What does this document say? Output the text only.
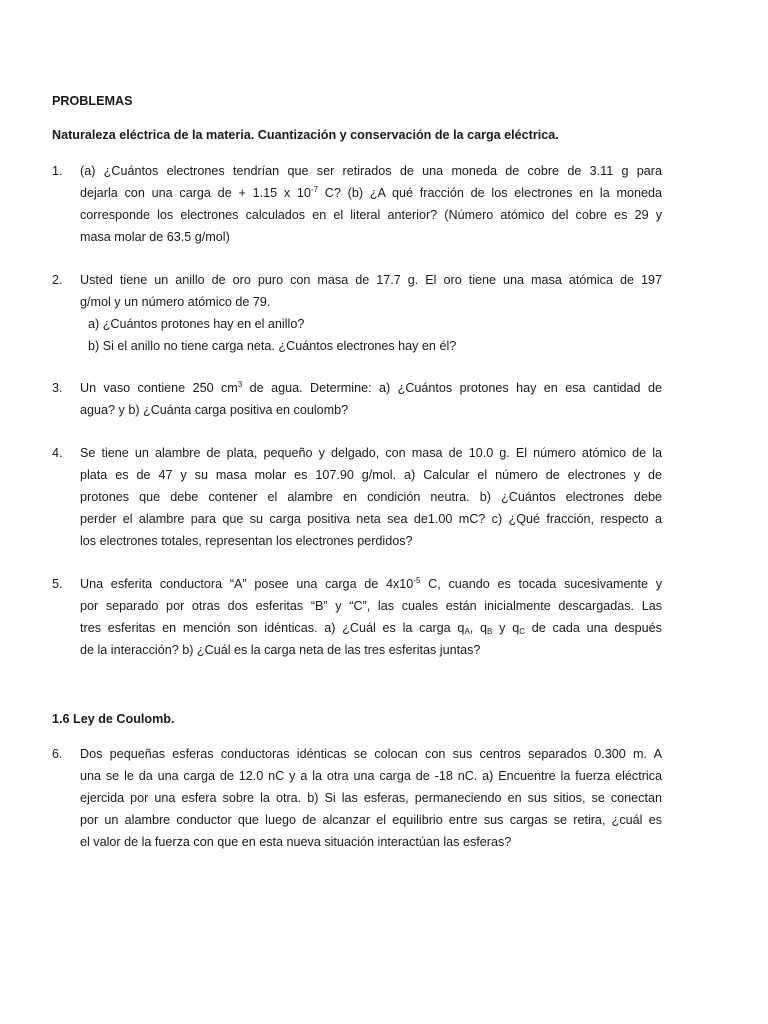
PROBLEMAS
Naturaleza eléctrica de la materia. Cuantización y conservación de la carga eléctrica.
1.	(a) ¿Cuántos electrones tendrían que ser retirados de una moneda de cobre de 3.11 g para
dejarla con una carga de + 1.15 x $10^{-7}$ C? (b) ¿A qué fracción de los electrones en la moneda
corresponde los electrones calculados en el literal anterior? (Número atómico del cobre es 29 y
masa molar de 63.5 g/mol)
2.	Usted tiene un anillo de oro puro con masa de 17.7 g. El oro tiene una masa atómica de 197
g/mol y un número atómico de 79.
a) ¿Cuántos protones hay en el anillo?
b) Si el anillo no tiene carga neta. ¿Cuántos electrones hay en él?
3.	Un vaso contiene 250 $cm^3$ de agua. Determine: a) ¿Cuántos protones hay en esa cantidad de
agua? y b) ¿Cuánta carga positiva en coulomb?
4.	Se tiene un alambre de plata, pequeño y delgado, con masa de 10.0 g. El número atómico de la
plata es de 47 y su masa molar es 107.90 g/mol. a) Calcular el número de electrones y de
protones que debe contener el alambre en condición neutra. b) ¿Cuántos electrones debe
perder el alambre para que su carga positiva neta sea de1.00 mC? c) ¿Qué fracción, respecto a
los electrones totales, representan los electrones perdidos?
5.	Una esferita conductora “A” posee una carga de $4x10^{-5}$ C, cuando es tocada sucesivamente y
por separado por otras dos esferitas “B” y “C”, las cuales están inicialmente descargadas. Las
tres esferitas en mención son idénticas. a) ¿Cuál es la carga $q_A$, $q_B$ y $q_C$ de cada una después
de la interacción? b) ¿Cuál es la carga neta de las tres esferitas juntas?
1.6 Ley de Coulomb.
6.	Dos pequeñas esferas conductoras idénticas se colocan con sus centros separados 0.300 m. A
una se le da una carga de 12.0 nC y a la otra una carga de -18 nC. a) Encuentre la fuerza eléctrica
ejercida por una esfera sobre la otra. b) Si las esferas, permaneciendo en sus sitios, se conectan
por un alambre conductor que luego de alcanzar el equilibrio entre sus cargas se retira, ¿cuál es
el valor de la fuerza con que en esta nueva situación interactúan las esferas?
